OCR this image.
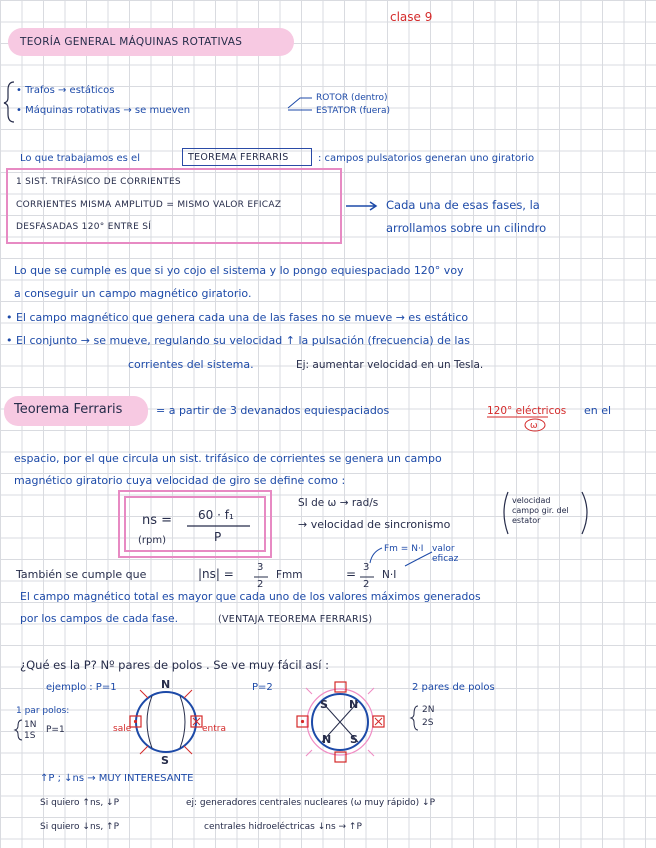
clase 9
TEORÍA GENERAL MÁQUINAS ROTATIVAS
• Trafos → estáticos
• Máquinas rotativas → se mueven
ROTOR (dentro)
ESTATOR (fuera)
Lo que trabajamos es el	TEOREMA FERRARIS	: campos pulsatorios generan uno giratorio
1 SIST. TRIFÁSICO DE CORRIENTES
CORRIENTES MISMA AMPLITUD = MISMO VALOR EFICAZ
DESFASADAS 120° ENTRE SÍ
Cada una de esas fases, la
arrollamos sobre un cilindro
Lo que se cumple es que si yo cojo el sistema y lo pongo equiespaciado 120° voy
a conseguir un campo magnético giratorio.
• El campo magnético que genera cada una de las fases no se mueve → es estático
• El conjunto → se mueve, regulando su velocidad ↑ la pulsación (frecuencia) de las
corrientes del sistema.	Ej: aumentar velocidad en un Tesla.
Teorema Ferraris	= a partir de 3 devanados equiespaciados	120° eléctricos en el
ω
espacio, por el que circula un sist. trifásico de corrientes se genera un campo
magnético giratorio cuya velocidad de giro se define como :
ns =
(rpm)
60 · f₁
P
SI de ω → rad/s
→ velocidad de sincronismo
velocidad campo gir. del estator
También se cumple que	|ns| = 3
2
Fmm	= 3
2
N·I
Fm = N·I valor eficaz
El campo magnético total es mayor que cada uno de los valores máximos generados
por los campos de cada fase.	(VENTAJA TEOREMA FERRARIS)
¿Qué es la P? Nº pares de polos . Se ve muy fácil así :
ejemplo : P=1	P=2	2 pares de polos
1 par polos:
1N
1S
P=1
2N
2S
sale	entra
N
S
S N
N S
↑P ; ↓ns → MUY INTERESANTE
Si quiero ↑ns, ↓P	ej: generadores centrales nucleares (ω muy rápido) ↓P
Si quiero ↓ns, ↑P	centrales hidroeléctricas ↓ns → ↑P
